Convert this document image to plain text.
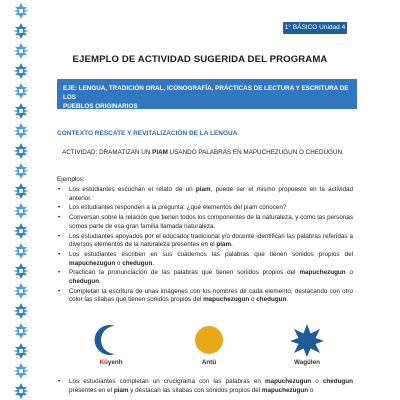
1° BÁSICO Unidad 4
EJEMPLO DE ACTIVIDAD SUGERIDA DEL PROGRAMA
EJE: LENGUA, TRADICIÓN ORAL, ICONOGRAFÍA, PRÁCTICAS DE LECTURA Y ESCRITURA DE LOS
PUEBLOS ORIGINARIOS
CONTEXTO RESCATE Y REVITALIZACIÓN DE LA LENGUA
ACTIVIDAD: DRAMATIZAN UN PIAM USANDO PALABRAS EN MAPUCHEZUGUN O CHEDUGUN.
Ejemplos:
• Los estudiantes escuchan el relato de un piam, puede ser el mismo propuesto en la actividad anterior.
• Los estudiantes responden a la pregunta: ¿qué elementos del piam conocen?
• Conversan sobre la relación que tienen todos los componentes de la naturaleza, y como las personas somos parte de esa gran familia llamada naturaleza.
• Los estudiantes apoyados por el educador tradicional y/o docente identifican las palabras referidas a diversos elementos de la naturaleza presentes en el piam.
• Los estudiantes escriben en sus cuadernos las palabras que tienen sonidos propios del mapuchezugun o chedugun.
• Practican la pronunciación de las palabras que tienen sonidos propios del mapuchezugun o chedugun.
• Completan la escritura de unas imágenes con los nombres de cada elemento, destacando con otro color las sílabas que tienen sonidos propios del mapuchezugun o chedugun.
Küyenh	Antü	Wagülen
• Los estudiantes completan un crucigrama con las palabras en mapuchezugun o chedugun presentes en el piam y destacan las sílabas con sonidos propios del mapuchezugun o
